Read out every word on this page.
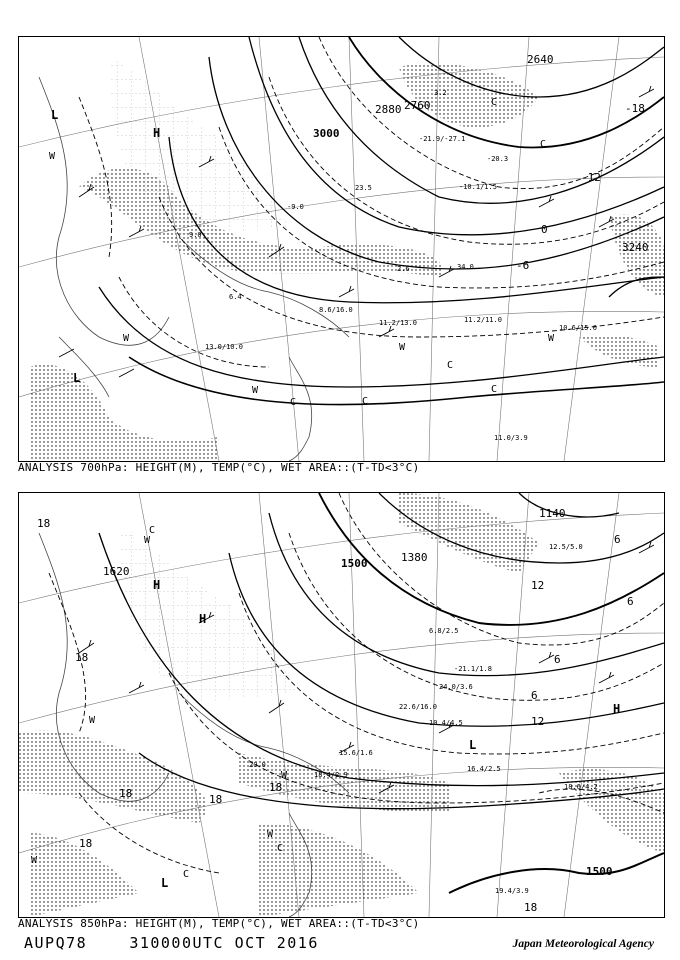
3000
2760
2640
3240
2880	-18
-12
-6
0
H
L
L
W
W
W
W
C
C
C	C
W
C
C
11.2/13.0	11.2/11.0
10.6/15.0
11.0/3.9
-21.9/-27.1
-20.3
-10.1/1.5
2.6	34.0
3.2
9.0
8.6/16.0
6.4
13.0/10.0
23.5
-9.0
ANALYSIS 700hPa: HEIGHT(M), TEMP(°C), WET AREA::(T-TD<3°C)
1500
1500
1380
1140
1620
18
18
18
12
6
6
6
18
6
12
18
18
18
H
H
H
L
L
W
W
W
W
C
C
W
C
16.4/2.5
18.6/4.2
19.4/3.9
10.4/4.5
24.0/3.6
22.6/16.0
15.6/1.6
-21.1/1.8
6.8/2.5
12.5/5.0
18.4/2.9
20.0
ANALYSIS 850hPa: HEIGHT(M), TEMP(°C), WET AREA::(T-TD<3°C)
AUPQ78	310000UTC OCT 2016	Japan Meteorological Agency
